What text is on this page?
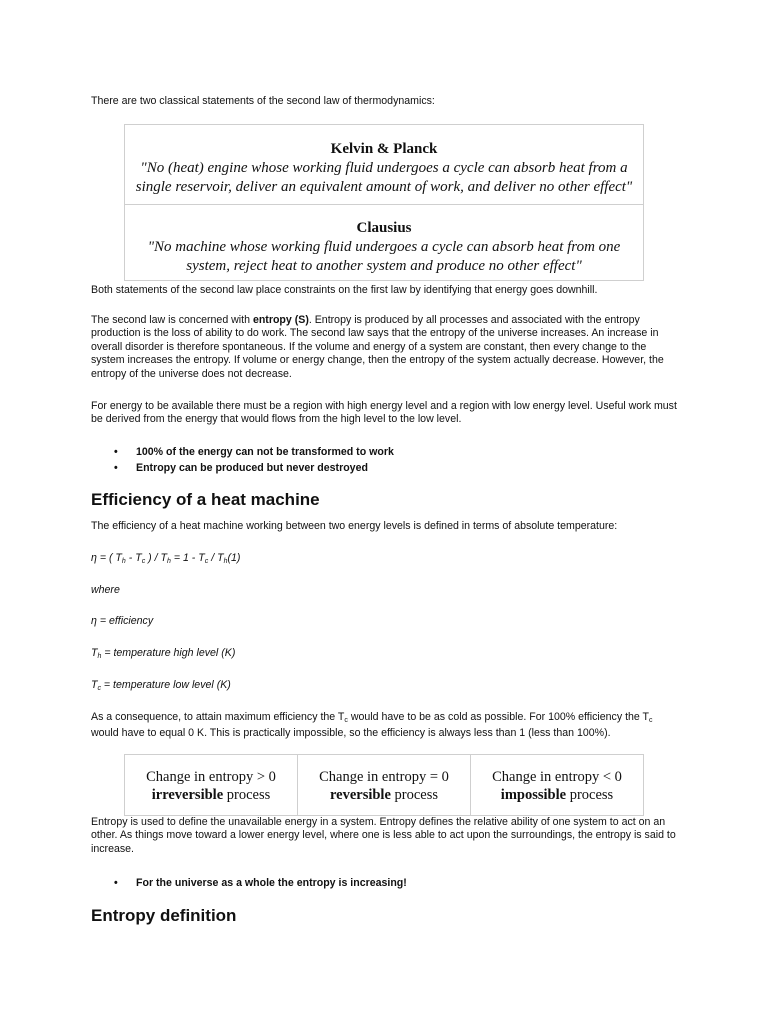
There are two classical statements of the second law of thermodynamics:

Kelvin & Planck
"No (heat) engine whose working fluid undergoes a cycle can absorb heat from a single reservoir, deliver an equivalent amount of work, and deliver no other effect"
Clausius
"No machine whose working fluid undergoes a cycle can absorb heat from one system, reject heat to another system and produce no other effect"

Both statements of the second law place constraints on the first law by identifying that energy goes downhill.

The second law is concerned with entropy (S). Entropy is produced by all processes and associated with the entropy production is the loss of ability to do work. The second law says that the entropy of the universe increases. An increase in overall disorder is therefore spontaneous. If the volume and energy of a system are constant, then every change to the system increases the entropy. If volume or energy change, then the entropy of the system actually decrease. However, the entropy of the universe does not decrease.

For energy to be available there must be a region with high energy level and a region with low energy level. Useful work must be derived from the energy that would flows from the high level to the low level.

• 100% of the energy can not be transformed to work
• Entropy can be produced but never destroyed
Efficiency of a heat machine

The efficiency of a heat machine working between two energy levels is defined in terms of absolute temperature:

η = ( $T_h - T_c$ ) / $T_h = 1 - T_c / T_h(1)$

where

η = efficiency

$T_h$ = temperature high level (K)

$T_c$ = temperature low level (K)

As a consequence, to attain maximum efficiency the $T_c$ would have to be as cold as possible. For 100% efficiency the $T_c$ would have to equal 0 K. This is practically impossible, so the efficiency is always less than 1 (less than 100%).

Change in entropy > 0
irreversible process
Change in entropy = 0
reversible process
Change in entropy < 0
impossible process

Entropy is used to define the unavailable energy in a system. Entropy defines the relative ability of one system to act on an other. As things move toward a lower energy level, where one is less able to act upon the surroundings, the entropy is said to increase.

• For the universe as a whole the entropy is increasing!
Entropy definition
